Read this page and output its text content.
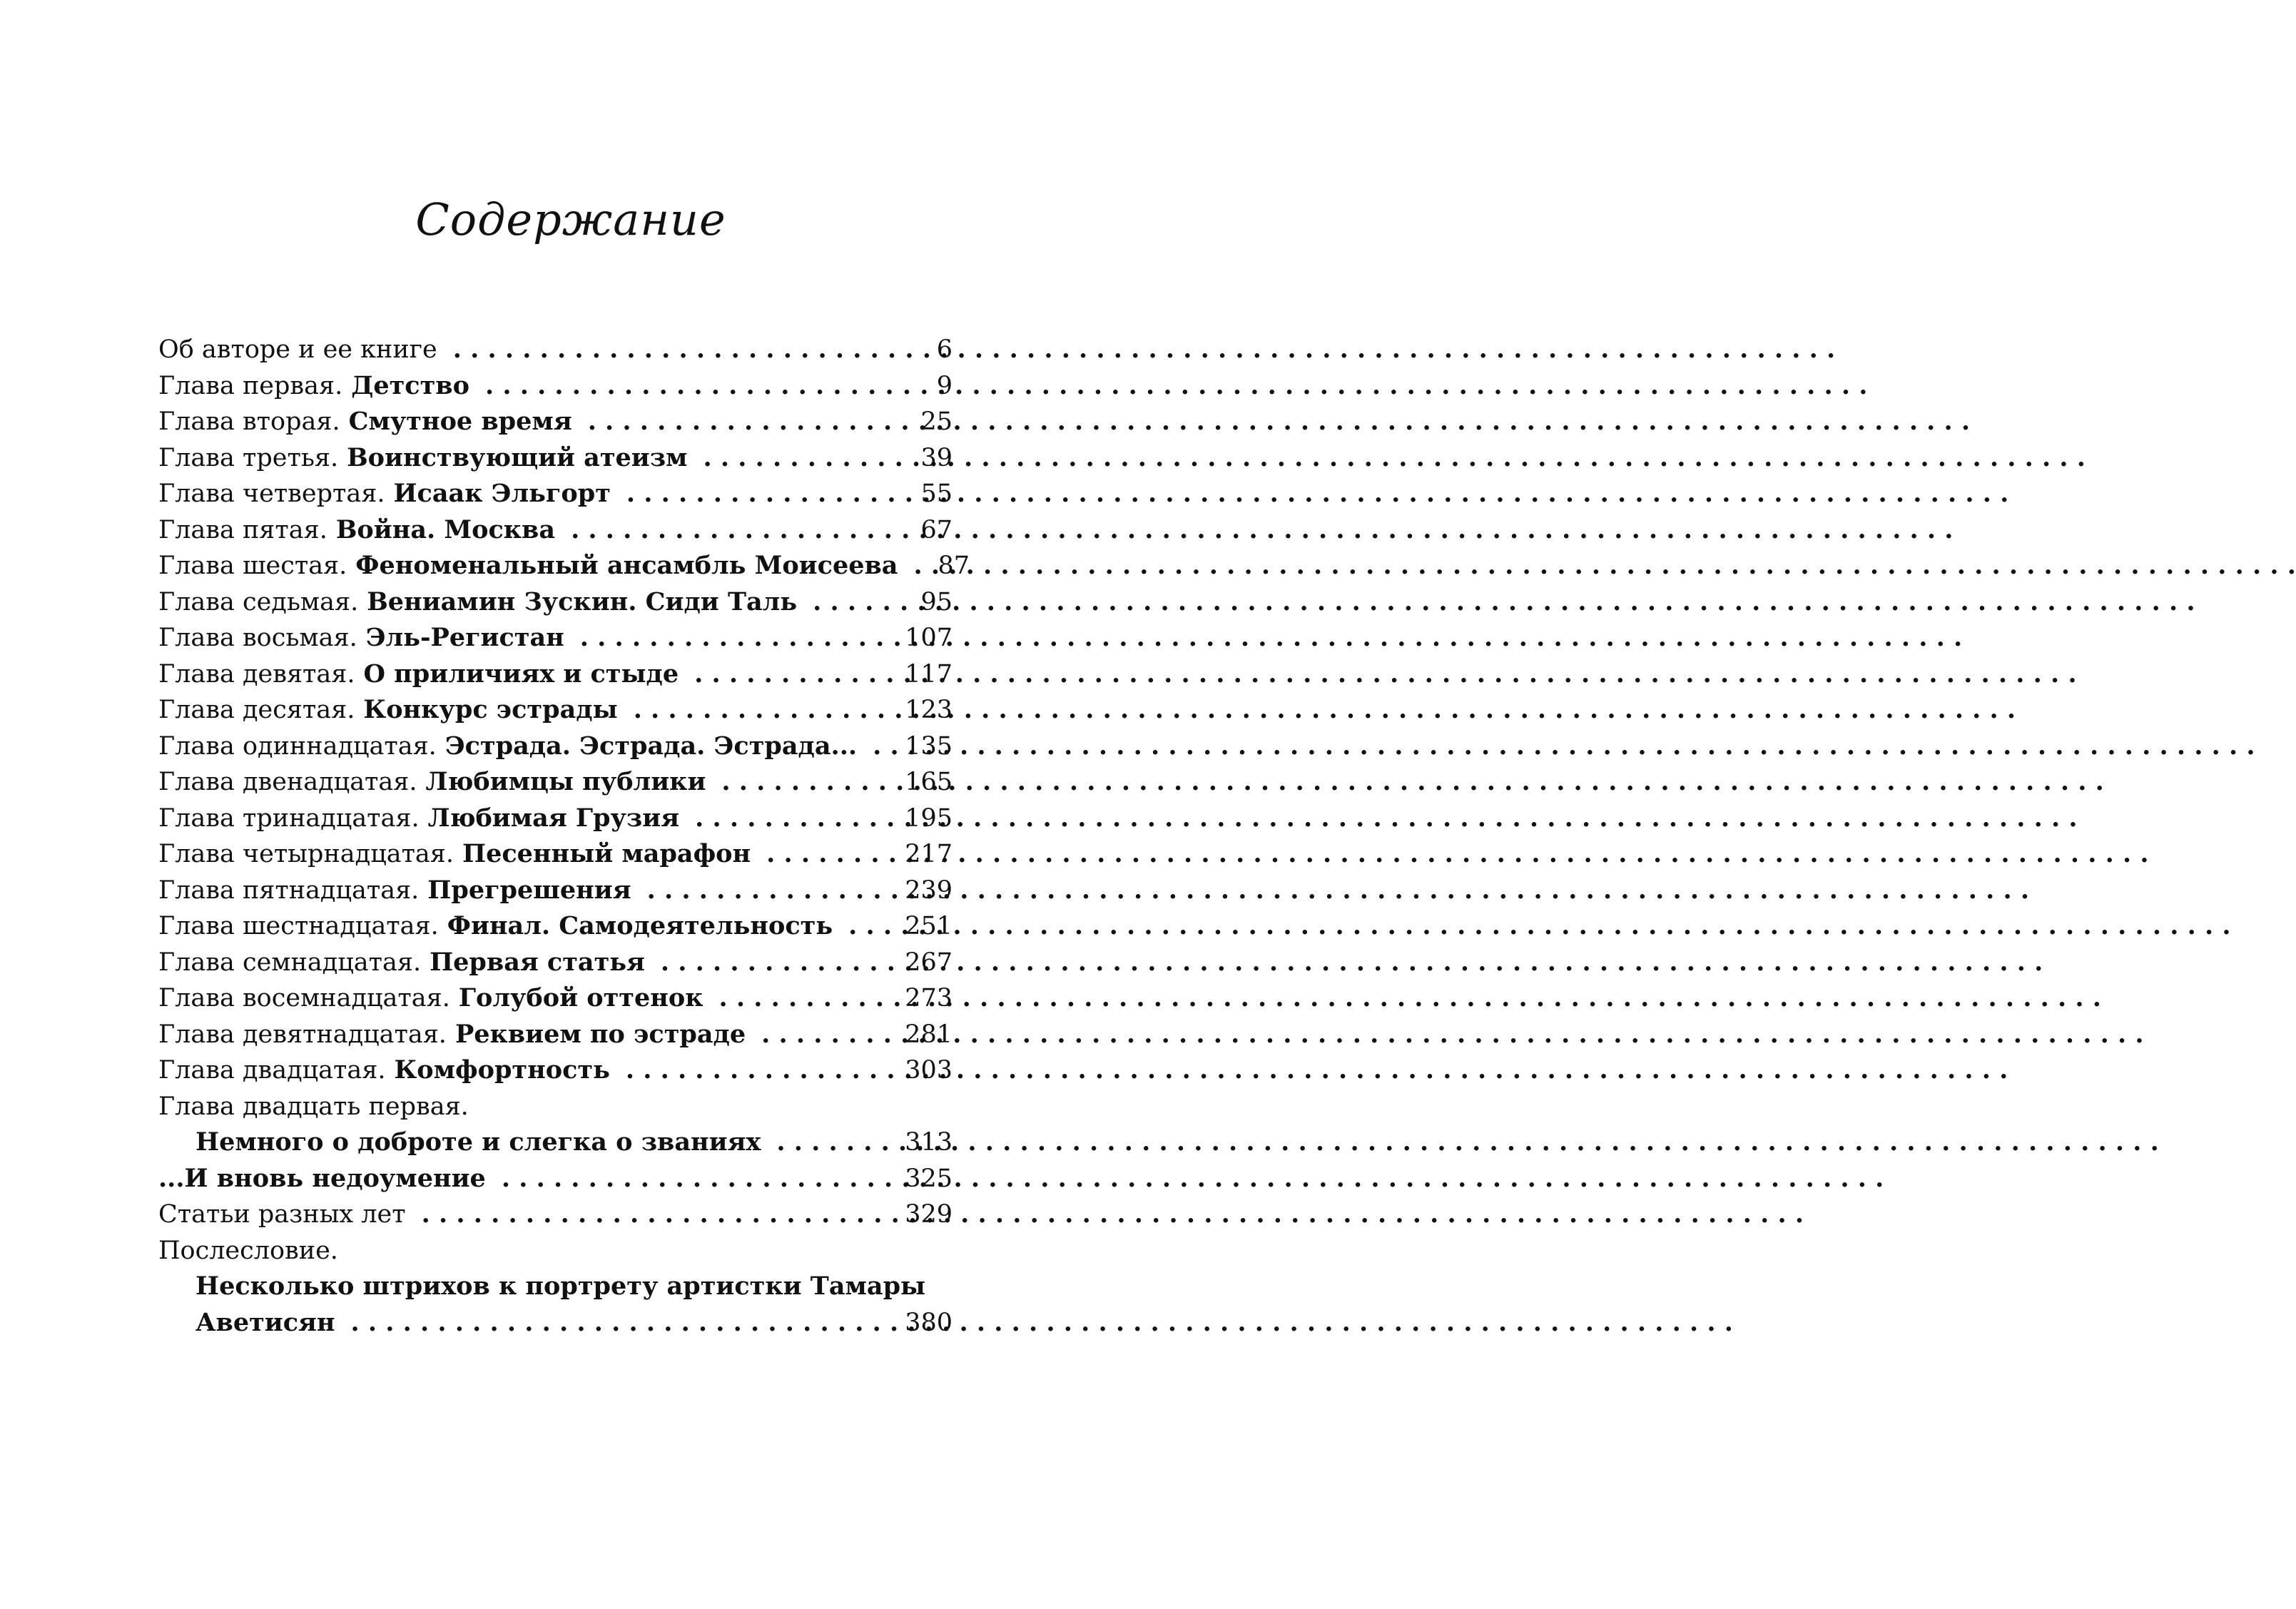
Содержание
Об авторе и ее книге . . .	6
Глава первая. Детство . . .	9
Глава вторая. Смутное время . . .	25
Глава третья. Воинствующий атеизм . . .	39
Глава четвертая. Исаак Эльгорт . . .	55
Глава пятая. Война. Москва . . .	67
Глава шестая. Феноменальный ансамбль Моисеева . . . 87
Глава седьмая. Вениамин Зускин. Сиди Таль . . .	95
Глава восьмая. Эль-Регистан . . .	107
Глава девятая. О приличиях и стыде . . .	117
Глава десятая. Конкурс эстрады . . .	123
Глава одиннадцатая. Эстрада. Эстрада. Эстрада... . . . 135
Глава двенадцатая. Любимцы публики . . .	165
Глава тринадцатая. Любимая Грузия . . .	195
Глава четырнадцатая. Песенный марафон . . .	217
Глава пятнадцатая. Прегрешения . . .	239
Глава шестнадцатая. Финал. Самодеятельность . . .	251
Глава семнадцатая. Первая статья . . .	267
Глава восемнадцатая. Голубой оттенок . . .	273
Глава девятнадцатая. Реквием по эстраде . . .	281
Глава двадцатая. Комфортность . . .	303
Глава двадцать первая.
Немного о доброте и слегка о званиях . . .	313
...И вновь недоумение . . .	325
Статьи разных лет . . .	329
Послесловие.
Несколько штрихов к портрету артистки Тамары
Аветисян . . .	380
